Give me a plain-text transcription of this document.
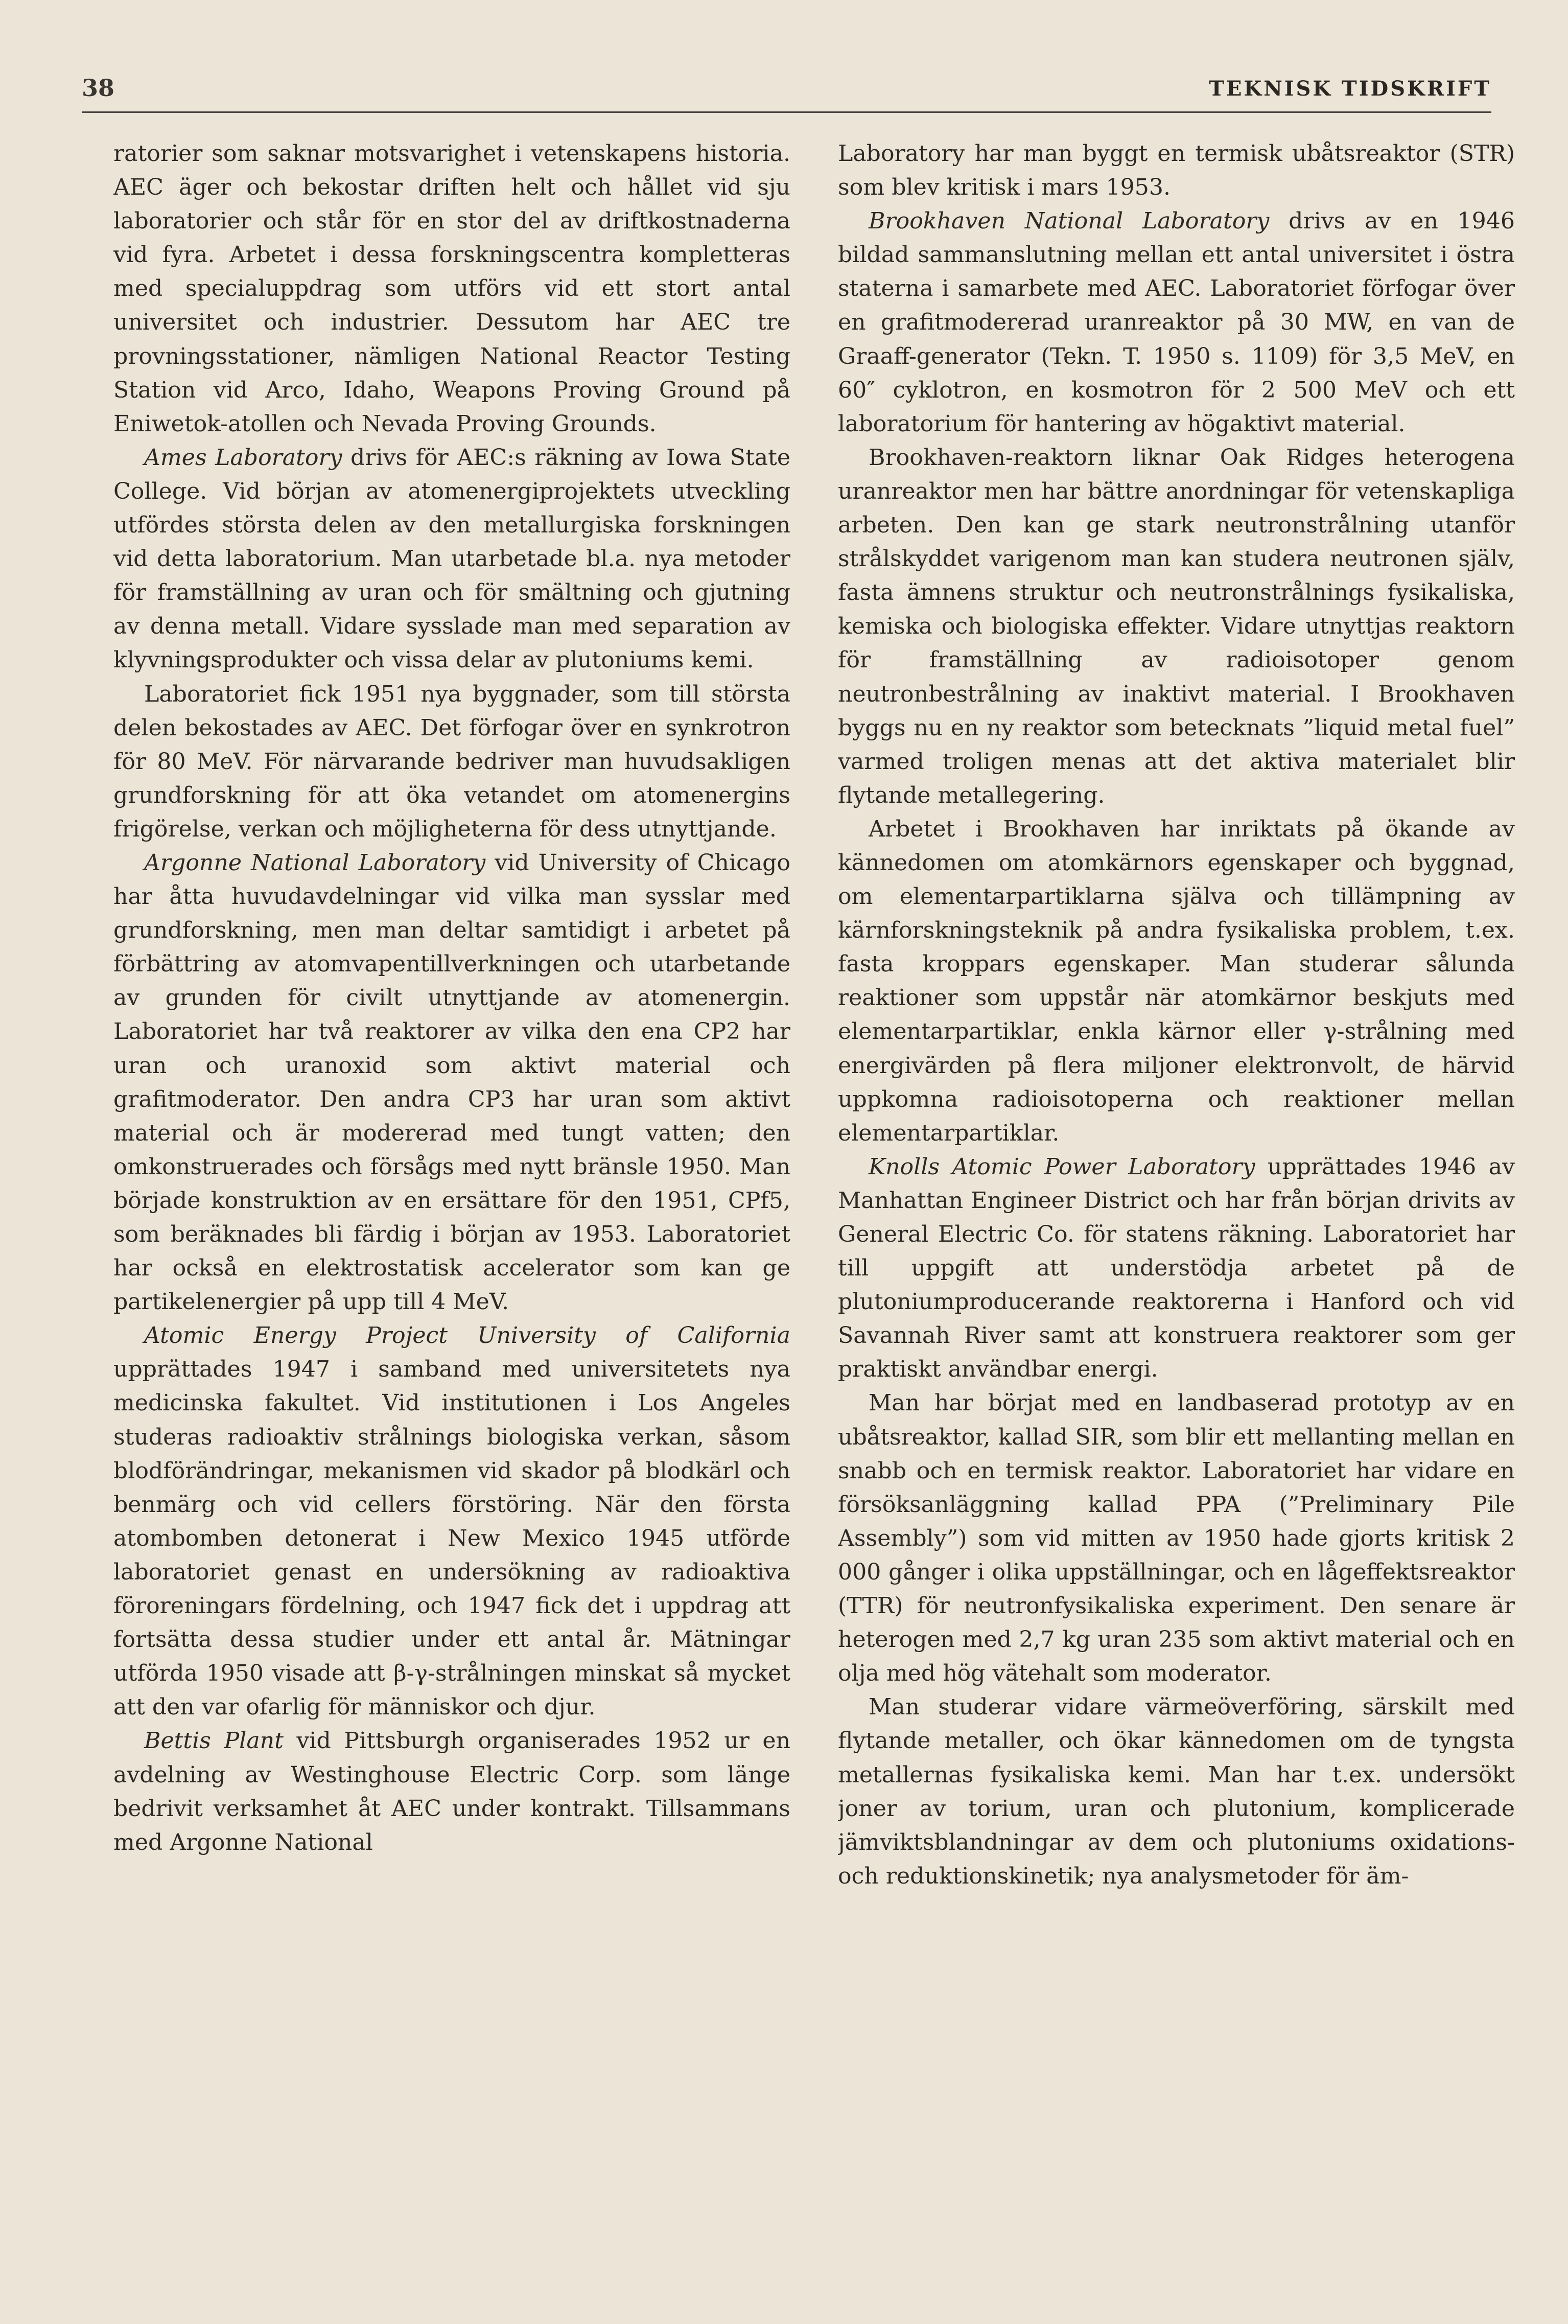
38	TEKNISK TIDSKRIFT

ratorier som saknar motsvarighet i vetenskapens historia. AEC äger och bekostar driften helt och hållet vid sju laboratorier och står för en stor del av driftkostnaderna vid fyra. Arbetet i dessa forskningscentra kompletteras med specialuppdrag som utförs vid ett stort antal universitet och industrier. Dessutom har AEC tre provningsstationer, nämligen National Reactor Testing Station vid Arco, Idaho, Weapons Proving Ground på Eniwetok-atollen och Nevada Proving Grounds.

Ames Laboratory drivs för AEC:s räkning av Iowa State College. Vid början av atomenergiprojektets utveckling utfördes största delen av den metallurgiska forskningen vid detta laboratorium. Man utarbetade bl.a. nya metoder för framställning av uran och för smältning och gjutning av denna metall. Vidare sysslade man med separation av klyvningsprodukter och vissa delar av plutoniums kemi.

Laboratoriet fick 1951 nya byggnader, som till största delen bekostades av AEC. Det förfogar över en synkrotron för 80 MeV. För närvarande bedriver man huvudsakligen grundforskning för att öka vetandet om atomenergins frigörelse, verkan och möjligheterna för dess utnyttjande.

Argonne National Laboratory vid University of Chicago har åtta huvudavdelningar vid vilka man sysslar med grundforskning, men man deltar samtidigt i arbetet på förbättring av atomvapentillverkningen och utarbetande av grunden för civilt utnyttjande av atomenergin. Laboratoriet har två reaktorer av vilka den ena CP2 har uran och uranoxid som aktivt material och grafitmoderator. Den andra CP3 har uran som aktivt material och är modererad med tungt vatten; den omkonstruerades och försågs med nytt bränsle 1950. Man började konstruktion av en ersättare för den 1951, CPf5, som beräknades bli färdig i början av 1953. Laboratoriet har också en elektrostatisk accelerator som kan ge partikelenergier på upp till 4 MeV.

Atomic Energy Project University of California upprättades 1947 i samband med universitetets nya medicinska fakultet. Vid institutionen i Los Angeles studeras radioaktiv strålnings biologiska verkan, såsom blodförändringar, mekanismen vid skador på blodkärl och benmärg och vid cellers förstöring. När den första atombomben detonerat i New Mexico 1945 utförde laboratoriet genast en undersökning av radioaktiva föroreningars fördelning, och 1947 fick det i uppdrag att fortsätta dessa studier under ett antal år. Mätningar utförda 1950 visade att β-γ-strålningen minskat så mycket att den var ofarlig för människor och djur.

Bettis Plant vid Pittsburgh organiserades 1952 ur en avdelning av Westinghouse Electric Corp. som länge bedrivit verksamhet åt AEC under kontrakt. Tillsammans med Argonne National

Laboratory har man byggt en termisk ubåtsreaktor (STR) som blev kritisk i mars 1953.

Brookhaven National Laboratory drivs av en 1946 bildad sammanslutning mellan ett antal universitet i östra staterna i samarbete med AEC. Laboratoriet förfogar över en grafitmodererad uranreaktor på 30 MW, en van de Graaff-generator (Tekn. T. 1950 s. 1109) för 3,5 MeV, en 60″ cyklotron, en kosmotron för 2 500 MeV och ett laboratorium för hantering av högaktivt material.

Brookhaven-reaktorn liknar Oak Ridges heterogena uranreaktor men har bättre anordningar för vetenskapliga arbeten. Den kan ge stark neutronstrålning utanför strålskyddet varigenom man kan studera neutronen själv, fasta ämnens struktur och neutronstrålnings fysikaliska, kemiska och biologiska effekter. Vidare utnyttjas reaktorn för framställning av radioisotoper genom neutronbestrålning av inaktivt material. I Brookhaven byggs nu en ny reaktor som betecknats ”liquid metal fuel” varmed troligen menas att det aktiva materialet blir flytande metallegering.

Arbetet i Brookhaven har inriktats på ökande av kännedomen om atomkärnors egenskaper och byggnad, om elementarpartiklarna själva och tillämpning av kärnforskningsteknik på andra fysikaliska problem, t.ex. fasta kroppars egenskaper. Man studerar sålunda reaktioner som uppstår när atomkärnor beskjuts med elementarpartiklar, enkla kärnor eller γ-strålning med energivärden på flera miljoner elektronvolt, de härvid uppkomna radioisotoperna och reaktioner mellan elementarpartiklar.

Knolls Atomic Power Laboratory upprättades 1946 av Manhattan Engineer District och har från början drivits av General Electric Co. för statens räkning. Laboratoriet har till uppgift att understödja arbetet på de plutoniumproducerande reaktorerna i Hanford och vid Savannah River samt att konstruera reaktorer som ger praktiskt användbar energi.

Man har börjat med en landbaserad prototyp av en ubåtsreaktor, kallad SIR, som blir ett mellanting mellan en snabb och en termisk reaktor. Laboratoriet har vidare en försöksanläggning kallad PPA (”Preliminary Pile Assembly”) som vid mitten av 1950 hade gjorts kritisk 2 000 gånger i olika uppställningar, och en lågeffektsreaktor (TTR) för neutronfysikaliska experiment. Den senare är heterogen med 2,7 kg uran 235 som aktivt material och en olja med hög vätehalt som moderator.

Man studerar vidare värmeöverföring, särskilt med flytande metaller, och ökar kännedomen om de tyngsta metallernas fysikaliska kemi. Man har t.ex. undersökt joner av torium, uran och plutonium, komplicerade jämviktsblandningar av dem och plutoniums oxidations- och reduktionskinetik; nya analysmetoder för äm-
